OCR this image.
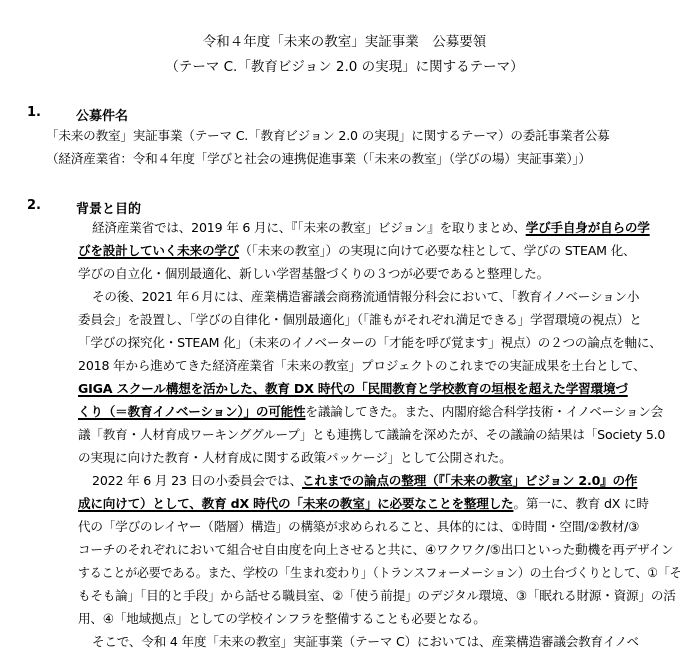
令和４年度「未来の教室」実証事業　公募要領
（テーマ C.「教育ビジョン 2.0 の実現」に関するテーマ）
1.	公募件名
「未来の教室」実証事業（テーマ C.「教育ビジョン 2.0 の実現」に関するテーマ）の委託事業者公募
（経済産業省：令和４年度「学びと社会の連携促進事業（「未来の教室」（学びの場）実証事業）」）
2.	背景と目的
経済産業省では、2019 年 6 月に、『「未来の教室」ビジョン』を取りまとめ、学び手自身が自らの学
びを設計していく未来の学び（「未来の教室」）の実現に向けて必要な柱として、学びの STEAM 化、
学びの自立化・個別最適化、新しい学習基盤づくりの３つが必要であると整理した。
その後、2021 年６月には、産業構造審議会商務流通情報分科会において、「教育イノベーション小
委員会」を設置し、「学びの自律化・個別最適化」（「誰もがそれぞれ満足できる」学習環境の視点）と
「学びの探究化・STEAM 化」（未来のイノベーターの「才能を呼び覚ます」視点）の２つの論点を軸に、
2018 年から進めてきた経済産業省「未来の教室」プロジェクトのこれまでの実証成果を土台として、
GIGA スクール構想を活かした、教育 DX 時代の「民間教育と学校教育の垣根を超えた学習環境づ
くり（＝教育イノベーション）」の可能性を議論してきた。また、内閣府総合科学技術・イノベーション会
議「教育・人材育成ワーキンググループ」とも連携して議論を深めたが、その議論の結果は「Society 5.0
の実現に向けた教育・人材育成に関する政策パッケージ」として公開された。
2022 年 6 月 23 日の小委員会では、これまでの論点の整理（『「未来の教室」ビジョン 2.0』の作
成に向けて）として、教育 dX 時代の「未来の教室」に必要なことを整理した。第一に、教育 dX に時
代の「学びのレイヤー（階層）構造」の構築が求められること、具体的には、①時間・空間/②教材/③
コーチのそれぞれにおいて組合せ自由度を向上させると共に、④ワクワク/⑤出口といった動機を再デザイン
することが必要である。また、学校の「生まれ変わり」（トランスフォーメーション）の土台づくりとして、①「そ
もそも論」「目的と手段」から話せる職員室、②「使う前提」のデジタル環境、③「眠れる財源・資源」の活
用、④「地域拠点」としての学校インフラを整備することも必要となる。
そこで、令和 4 年度「未来の教室」実証事業（テーマ C）においては、産業構造審議会教育イノベ
